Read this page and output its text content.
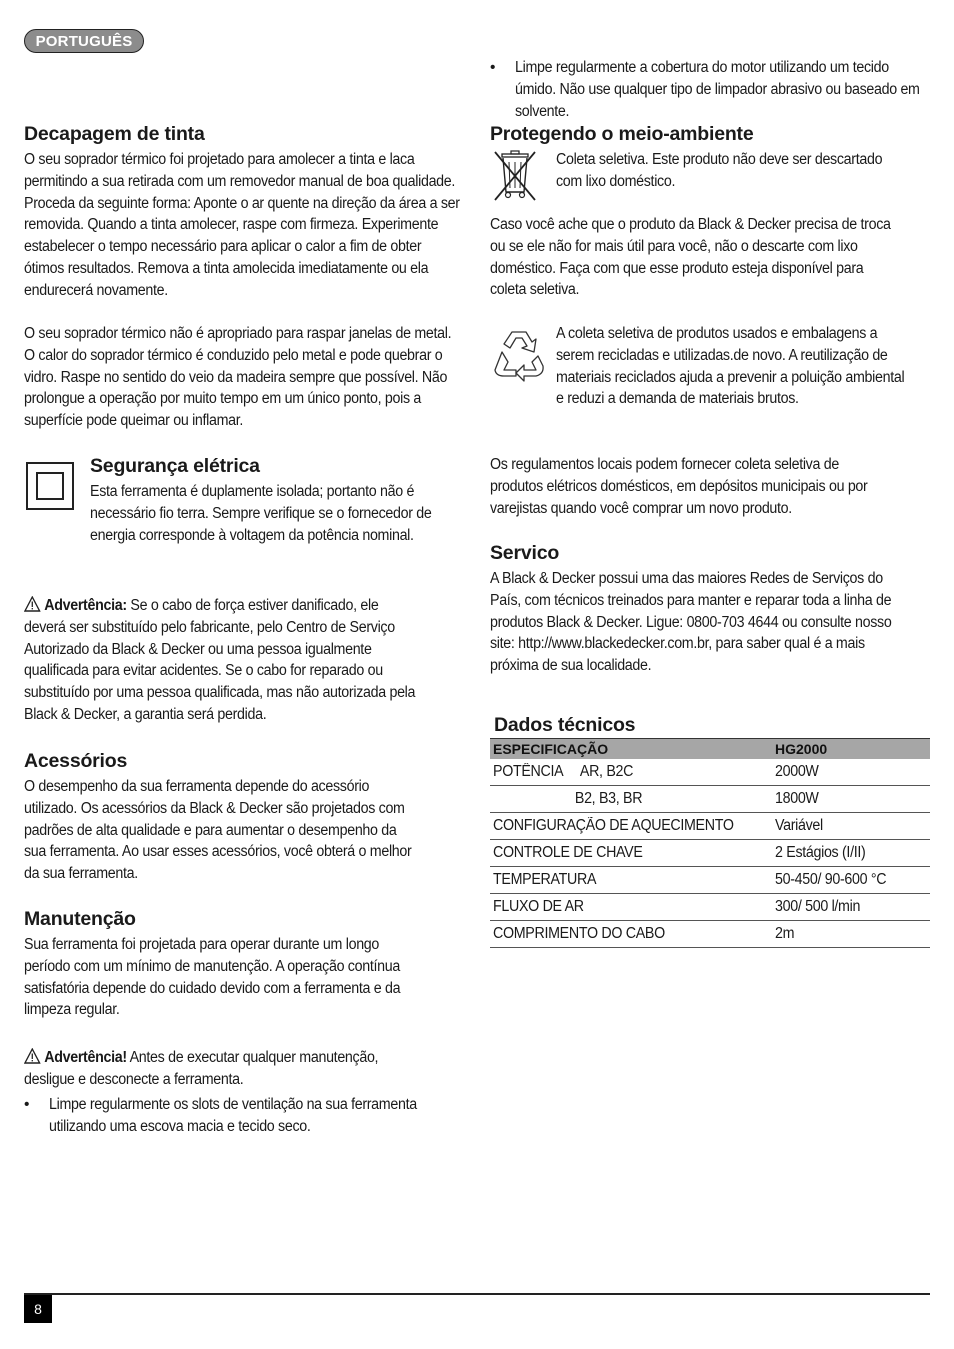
PORTUGUÊS
Decapagem de tinta
O seu soprador térmico foi projetado para amolecer a tinta e laca permitindo a sua retirada com um removedor manual de boa qualidade. Proceda da seguinte forma: Aponte o ar quente na direção da área a ser removida. Quando a tinta amolecer, raspe com firmeza. Experimente estabelecer o tempo necessário para aplicar o calor a fim de obter ótimos resultados. Remova a tinta amolecida imediatamente ou ela endurecerá novamente.
O seu soprador térmico não é apropriado para raspar janelas de metal. O calor do soprador térmico é conduzido pelo metal e pode quebrar o vidro. Raspe no sentido do veio da madeira sempre que possível. Não prolongue a operação por muito tempo em um único ponto, pois a superfície pode queimar ou inflamar.
Segurança elétrica
Esta ferramenta é duplamente isolada; portanto não é necessário fio terra. Sempre verifique se o fornecedor de energia corresponde à voltagem da potência nominal.
Advertência: Se o cabo de força estiver danificado, ele deverá ser substituído pelo fabricante, pelo Centro de Serviço Autorizado da Black & Decker ou uma pessoa igualmente qualificada para evitar acidentes. Se o cabo for reparado ou substituído por uma pessoa qualificada, mas não autorizada pela Black & Decker, a garantia será perdida.
Acessórios
O desempenho da sua ferramenta depende do acessório utilizado. Os acessórios da Black & Decker são projetados com padrões de alta qualidade e para aumentar o desempenho da sua ferramenta. Ao usar esses acessórios, você obterá o melhor da sua ferramenta.
Manutenção
Sua ferramenta foi projetada para operar durante um longo período com um mínimo de manutenção. A operação contínua satisfatória depende do cuidado devido com a ferramenta e da limpeza regular.
Advertência! Antes de executar qualquer manutenção, desligue e desconecte a ferramenta.
• Limpe regularmente os slots de ventilação na sua ferramenta utilizando uma escova macia e tecido seco.
• Limpe regularmente a cobertura do motor utilizando um tecido úmido. Não use qualquer tipo de limpador abrasivo ou baseado em solvente.
Protegendo o meio-ambiente
Coleta seletiva. Este produto não deve ser descartado com lixo doméstico.
Caso você ache que o produto da Black & Decker precisa de troca ou se ele não for mais útil para você, não o descarte com lixo doméstico. Faça com que esse produto esteja disponível para coleta seletiva.
A coleta seletiva de produtos usados e embalagens a serem recicladas e utilizadas.de novo. A reutilização de materiais reciclados ajuda a prevenir a poluição ambiental e reduzi a demanda de materiais brutos.
Os regulamentos locais podem fornecer coleta seletiva de produtos elétricos domésticos, em depósitos municipais ou por varejistas quando você comprar um novo produto.
Servico
A Black & Decker possui uma das maiores Redes de Serviços do País, com técnicos treinados para manter e reparar toda a linha de produtos Black & Decker. Ligue: 0800-703 4644 ou consulte nosso site: http://www.blackedecker.com.br, para saber qual é a mais próxima de sua localidade.
Dados técnicos
ESPECIFICAÇÃO	HG2000
POTÊNCIA AR, B2C	2000W
B2, B3, BR	1800W
CONFIGURAÇÃO DE AQUECIMENTO	Variável
CONTROLE DE CHAVE	2 Estágios (I/II)
TEMPERATURA	50-450/ 90-600 °C
FLUXO DE AR	300/ 500 l/min
COMPRIMENTO DO CABO	2m
8
